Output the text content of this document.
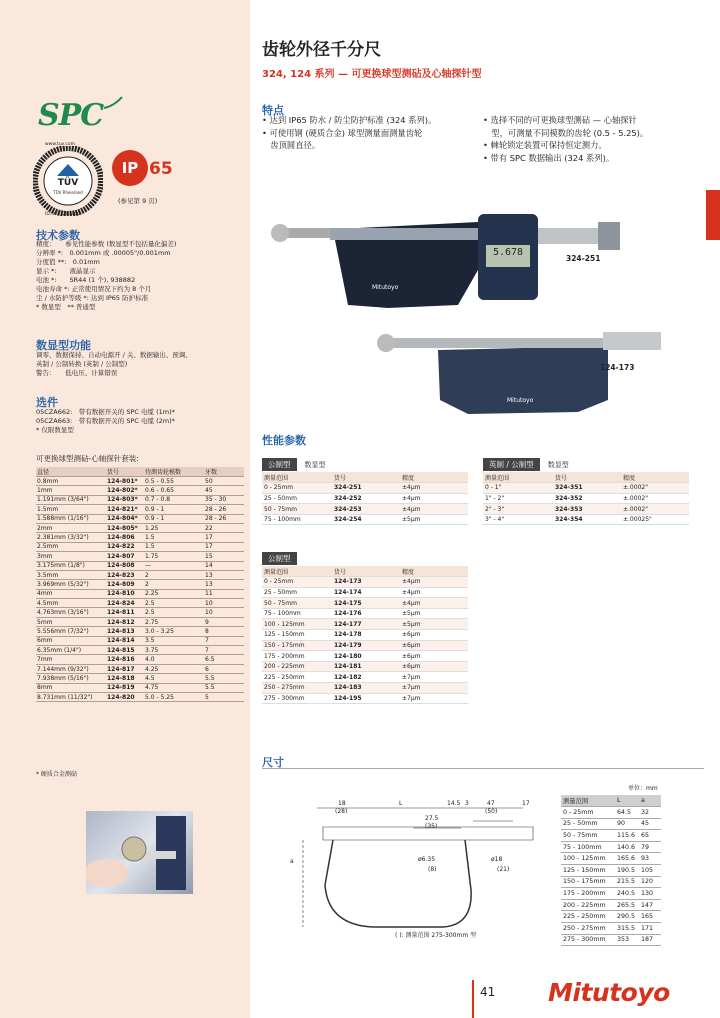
SPC
TÜV
TÜV Rheinland
www.tuv.com
ID:4011207400
IP 65
(参见第 9 页)
技术参数
精度：　　参见性能参数 (数显型不包括量化偏差)
分辨率 *:　0.001mm 或 .00005"/0.001mm
分度值 **:　0.01mm
显示 *:　　液晶显示
电池 *:　　SR44 (1 个), 938882
电池寿命 *: 正常使用情况下约为 8 个月
尘 / 水防护等级 *: 达到 IP65 防护标准
* 数显型　** 普通型
数显型功能
调零、数据保持、自动电源开 / 关、数据输出、预调、
英制 / 公制转换 (英制 / 公制型)
警告：　　低电压、计算错误
选件
05CZA662:　带有数据开关的 SPC 电缆 (1m)*
05CZA663:　带有数据开关的 SPC 电缆 (2m)*
* 仅限数显型
可更换球型测砧-心轴探针套装:
直径	货号	待测齿轮模数	牙数
0.8mm	124-801*	0.5 - 0.55	50
1mm	124-802*	0.6 - 0.65	45
1.191mm (3/64")	124-803*	0.7 - 0.8	35 - 30
1.5mm	124-821*	0.9 - 1	28 - 26
1.588mm (1/16")	124-804*	0.9 - 1	28 - 26
2mm	124-805*	1.25	22
2.381mm (3/32")	124-806	1.5	17
2.5mm	124-822	1.5	17
3mm	124-807	1.75	15
3.175mm (1/8")	124-808	—	14
3.5mm	124-823	2	13
3.969mm (5/32")	124-809	2	13
4mm	124-810	2.25	11
4.5mm	124-824	2.5	10
4.763mm (3/16")	124-811	2.5	10
5mm	124-812	2.75	9
5.556mm (7/32")	124-813	3.0 - 3.25	8
6mm	124-814	3.5	7
6.35mm (1/4")	124-815	3.75	7
7mm	124-816	4.0	6.5
7.144mm (9/32")	124-817	4.25	6
7.938mm (5/16")	124-818	4.5	5.5
8mm	124-819	4.75	5.5
8.731mm (11/32")	124-820	5.0 - 5.25	5
* 硬质合金测砧
齿轮外径千分尺
324, 124 系列 — 可更换球型测砧及心轴探针型
特点
• 达到 IP65 防水 / 防尘防护标准 (324 系列)。
• 可使用钢 (硬质合金) 球型测量面测量齿轮
　齿顶圆直径。
• 选择不同的可更换球型测砧 — 心轴探针
　型，可测量不同模数的齿轮 (0.5 - 5.25)。
• 棘轮锁定装置可保持恒定测力。
• 带有 SPC 数据输出 (324 系列)。
5.678
Mitutoyo
Mitutoyo
324-251
124-173
性能参数
公制型 数显型
测量范围	货号	精度
0 - 25mm	324-251	±4μm
25 - 50mm	324-252	±4μm
50 - 75mm	324-253	±4μm
75 - 100mm	324-254	±5μm
英制 / 公制型 数显型
测量范围	货号	精度
0 - 1"	324-351	±.0002"
1" - 2"	324-352	±.0002"
2" - 3"	324-353	±.0002"
3" - 4"	324-354	±.00025"
公制型
测量范围	货号	精度
0 - 25mm	124-173	±4μm
25 - 50mm	124-174	±4μm
50 - 75mm	124-175	±4μm
75 - 100mm	124-176	±5μm
100 - 125mm	124-177	±5μm
125 - 150mm	124-178	±6μm
150 - 175mm	124-179	±6μm
175 - 200mm	124-180	±6μm
200 - 225mm	124-181	±6μm
225 - 250mm	124-182	±7μm
250 - 275mm	124-183	±7μm
275 - 300mm	124-195	±7μm
尺寸
18
(28)
L	14.5 3	47
(50)
17
27.5
(35)
a	ø6.35
(8)
ø18
(21)
( ): 测量范围 275-300mm 型
单位：mm
测量范围	L	a
0 - 25mm	64.5	32
25 - 50mm	90	45
50 - 75mm	115.6	65
75 - 100mm	140.6	79
100 - 125mm	165.6	93
125 - 150mm	190.5	105
150 - 175mm	215.5	120
175 - 200mm	240.5	130
200 - 225mm	265.5	147
225 - 250mm	290.5	165
250 - 275mm	315.5	171
275 - 300mm	353	187
41 Mitutoyo
